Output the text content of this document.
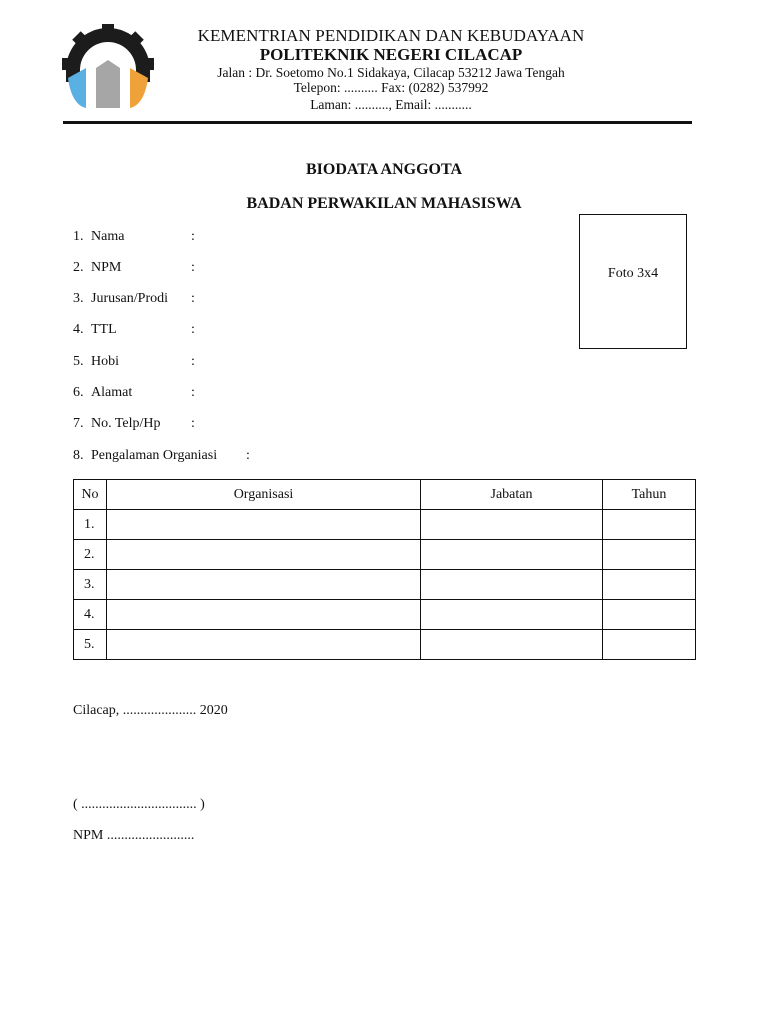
KEMENTRIAN PENDIDIKAN DAN KEBUDAYAAN
POLITEKNIK NEGERI CILACAP
Jalan : Dr. Soetomo No.1 Sidakaya, Cilacap 53212 Jawa Tengah
Telepon: .......... Fax: (0282) 537992
Laman: .........., Email: ...........
BIODATA ANGGOTA
BADAN PERWAKILAN MAHASISWA
1. Nama	:
2. NPM	:
3. Jurusan/Prodi :
4. TTL	:
5. Hobi	:
6. Alamat	:
7. No. Telp/Hp :
8. Pengalaman Organiasi :
Foto 3x4
No	Organisasi	Jabatan	Tahun
1.			
2.			
3.			
4.			
5.			
Cilacap, ..................... 2020
( ................................. )
NPM .........................
